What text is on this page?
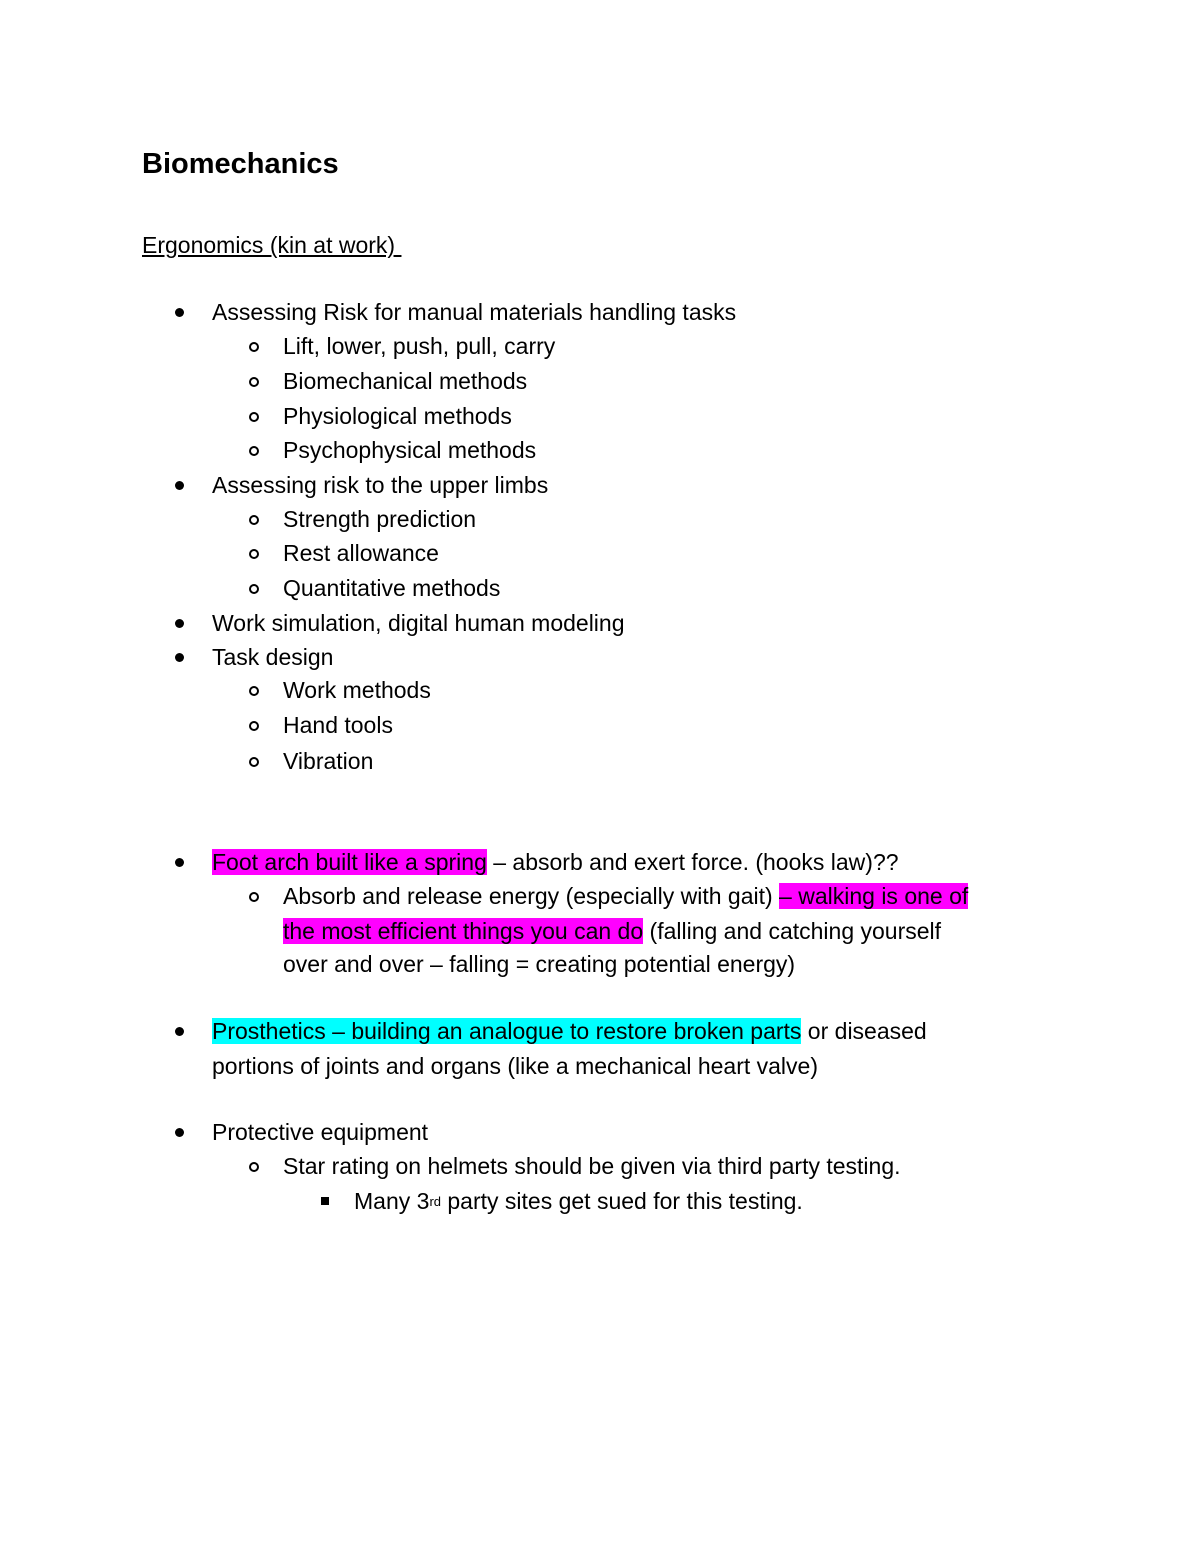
Biomechanics
Ergonomics (kin at work)
Assessing Risk for manual materials handling tasks
Lift, lower, push, pull, carry
Biomechanical methods
Physiological methods
Psychophysical methods
Assessing risk to the upper limbs
Strength prediction
Rest allowance
Quantitative methods
Work simulation, digital human modeling
Task design
Work methods
Hand tools
Vibration
Foot arch built like a spring – absorb and exert force. (hooks law)??
Absorb and release energy (especially with gait) – walking is one of
the most efficient things you can do (falling and catching yourself
over and over – falling = creating potential energy)
Prosthetics – building an analogue to restore broken parts or diseased
portions of joints and organs (like a mechanical heart valve)
Protective equipment
Star rating on helmets should be given via third party testing.
Many 3rd party sites get sued for this testing.
